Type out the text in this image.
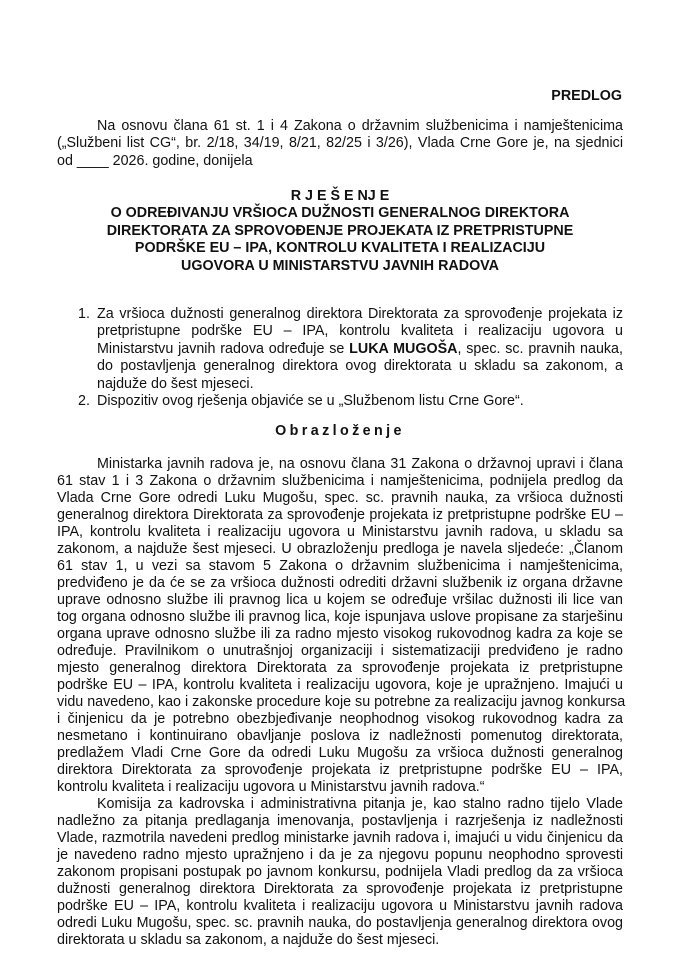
PREDLOG
Na osnovu člana 61 st. 1 i 4 Zakona o državnim službenicima i namještenicima
(„Službeni list CG“, br. 2/18, 34/19, 8/21, 82/25 i 3/26), Vlada Crne Gore je, na sjednici
od ____ 2026. godine, donijela
R J E Š E NJ E
O ODREĐIVANJU VRŠIOCA DUŽNOSTI GENERALNOG DIREKTORA
DIREKTORATA ZA SPROVOĐENJE PROJEKATA IZ PRETPRISTUPNE
PODRŠKE EU – IPA, KONTROLU KVALITETA I REALIZACIJU
UGOVORA U MINISTARSTVU JAVNIH RADOVA
1. Za vršioca dužnosti generalnog direktora Direktorata za sprovođenje projekata iz
pretpristupne podrške EU – IPA, kontrolu kvaliteta i realizaciju ugovora u
Ministarstvu javnih radova određuje se LUKA MUGOŠA, spec. sc. pravnih nauka,
do postavljenja generalnog direktora ovog direktorata u skladu sa zakonom, a
najduže do šest mjeseci.
2. Dispozitiv ovog rješenja objaviće se u „Službenom listu Crne Gore“.
Obrazloženje
Ministarka javnih radova je, na osnovu člana 31 Zakona o državnoj upravi i člana
61 stav 1 i 3 Zakona o državnim službenicima i namještenicima, podnijela predlog da
Vlada Crne Gore odredi Luku Mugošu, spec. sc. pravnih nauka, za vršioca dužnosti
generalnog direktora Direktorata za sprovođenje projekata iz pretpristupne podrške EU –
IPA, kontrolu kvaliteta i realizaciju ugovora u Ministarstvu javnih radova, u skladu sa
zakonom, a najduže šest mjeseci. U obrazloženju predloga je navela sljedeće: „Članom
61 stav 1, u vezi sa stavom 5 Zakona o državnim službenicima i namještenicima,
predviđeno je da će se za vršioca dužnosti odrediti državni službenik iz organa državne
uprave odnosno službe ili pravnog lica u kojem se određuje vršilac dužnosti ili lice van
tog organa odnosno službe ili pravnog lica, koje ispunjava uslove propisane za starješinu
organa uprave odnosno službe ili za radno mjesto visokog rukovodnog kadra za koje se
određuje. Pravilnikom o unutrašnjoj organizaciji i sistematizaciji predviđeno je radno
mjesto generalnog direktora Direktorata za sprovođenje projekata iz pretpristupne
podrške EU – IPA, kontrolu kvaliteta i realizaciju ugovora, koje je upražnjeno. Imajući u
vidu navedeno, kao i zakonske procedure koje su potrebne za realizaciju javnog konkursa
i činjenicu da je potrebno obezbjeđivanje neophodnog visokog rukovodnog kadra za
nesmetano i kontinuirano obavljanje poslova iz nadležnosti pomenutog direktorata,
predlažem Vladi Crne Gore da odredi Luku Mugošu za vršioca dužnosti generalnog
direktora Direktorata za sprovođenje projekata iz pretpristupne podrške EU – IPA,
kontrolu kvaliteta i realizaciju ugovora u Ministarstvu javnih radova.“
Komisija za kadrovska i administrativna pitanja je, kao stalno radno tijelo Vlade
nadležno za pitanja predlaganja imenovanja, postavljenja i razrješenja iz nadležnosti
Vlade, razmotrila navedeni predlog ministarke javnih radova i, imajući u vidu činjenicu da
je navedeno radno mjesto upražnjeno i da je za njegovu popunu neophodno sprovesti
zakonom propisani postupak po javnom konkursu, podnijela Vladi predlog da za vršioca
dužnosti generalnog direktora Direktorata za sprovođenje projekata iz pretpristupne
podrške EU – IPA, kontrolu kvaliteta i realizaciju ugovora u Ministarstvu javnih radova
odredi Luku Mugošu, spec. sc. pravnih nauka, do postavljenja generalnog direktora ovog
direktorata u skladu sa zakonom, a najduže do šest mjeseci.
